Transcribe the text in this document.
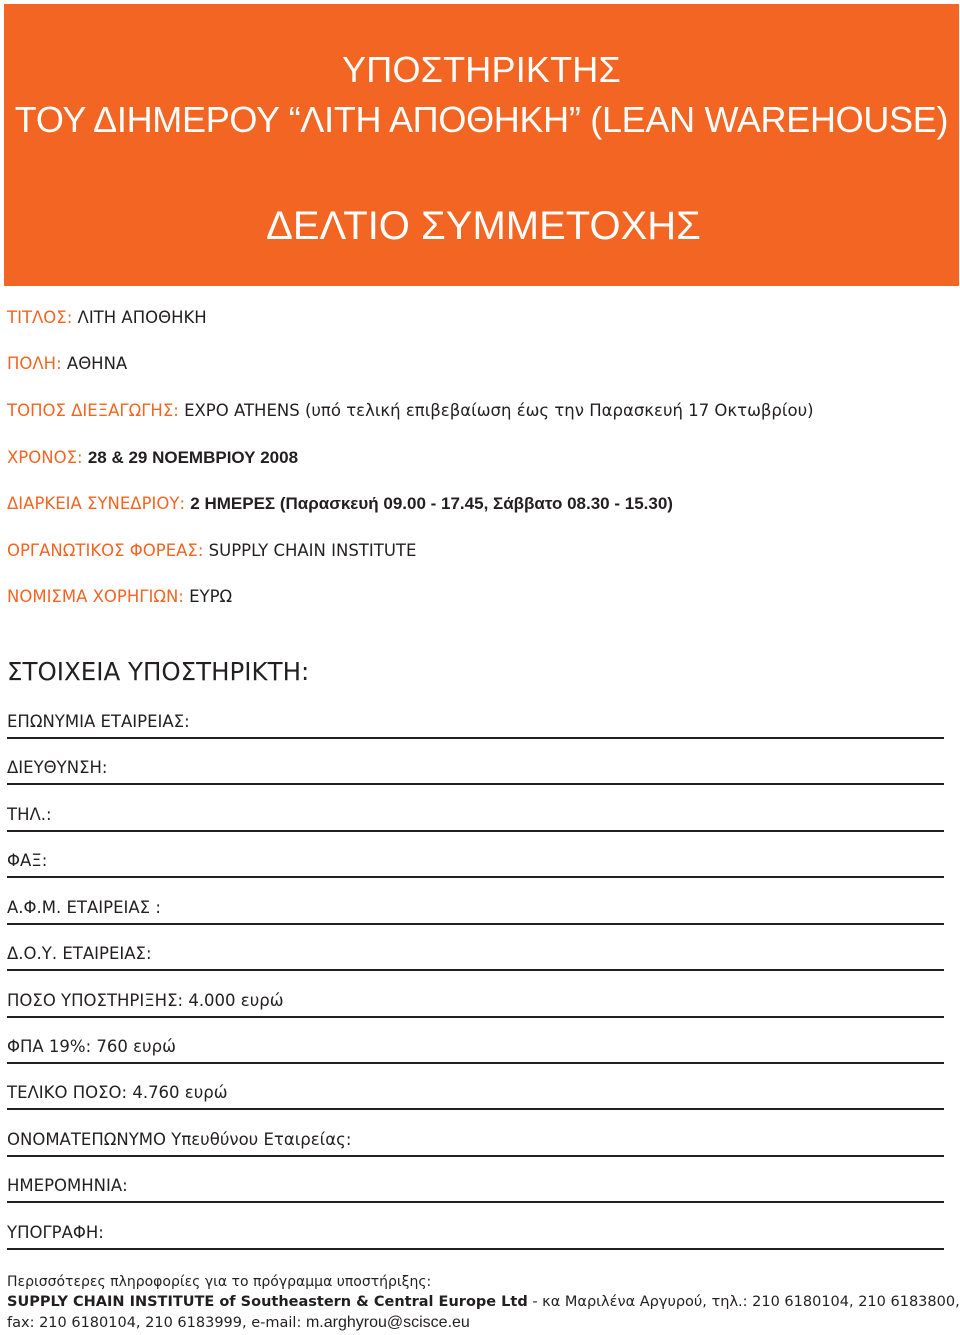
ΥΠΟΣΤΗΡΙΚΤΗΣ
ΤΟΥ ΔΙΗΜΕΡΟΥ “ΛΙΤΗ ΑΠΟΘΗΚΗ” (LEAN WAREHOUSE)
ΔΕΛΤΙΟ ΣΥΜΜΕΤΟΧΗΣ
ΤΙΤΛΟΣ: ΛΙΤΗ ΑΠΟΘΗΚΗ
ΠΟΛΗ: ΑΘΗΝΑ
ΤΟΠΟΣ ΔΙΕΞΑΓΩΓΗΣ: EXPO ATHENS (υπό τελική επιβεβαίωση έως την Παρασκευή 17 Οκτωβρίου)
ΧΡΟΝΟΣ: 28 & 29 ΝΟΕΜΒΡΙΟΥ 2008
ΔΙΑΡΚΕΙΑ ΣΥΝΕΔΡΙΟΥ: 2 ΗΜΕΡΕΣ (Παρασκευή 09.00 - 17.45, Σάββατο 08.30 - 15.30)
ΟΡΓΑΝΩΤΙΚΟΣ ΦΟΡΕΑΣ: SUPPLY CHAIN INSTITUTE
ΝΟΜΙΣΜΑ ΧΟΡΗΓΙΩΝ: ΕΥΡΩ
ΣΤΟΙΧΕΙΑ ΥΠΟΣΤΗΡΙΚΤΗ:
ΕΠΩΝΥΜΙΑ ΕΤΑΙΡΕΙΑΣ:
ΔΙΕΥΘΥΝΣΗ:
ΤΗΛ.:
ΦΑΞ:
Α.Φ.Μ. ΕΤΑΙΡΕΙΑΣ :
Δ.Ο.Υ. ΕΤΑΙΡΕΙΑΣ:
ΠΟΣΟ ΥΠΟΣΤΗΡΙΞΗΣ: 4.000 ευρώ
ΦΠΑ 19%: 760 ευρώ
ΤΕΛΙΚΟ ΠΟΣΟ: 4.760 ευρώ
ΟΝΟΜΑΤΕΠΩΝΥΜΟ Υπευθύνου Εταιρείας:
ΗΜΕΡΟΜΗΝΙΑ:
ΥΠΟΓΡΑΦΗ:
Περισσότερες πληροφορίες για το πρόγραμμα υποστήριξης:
SUPPLY CHAIN INSTITUTE of Southeastern & Central Europe Ltd - κα Μαριλένα Αργυρού, τηλ.: 210 6180104, 210 6183800,
fax: 210 6180104, 210 6183999, e-mail: m.arghyrou@scisce.eu
